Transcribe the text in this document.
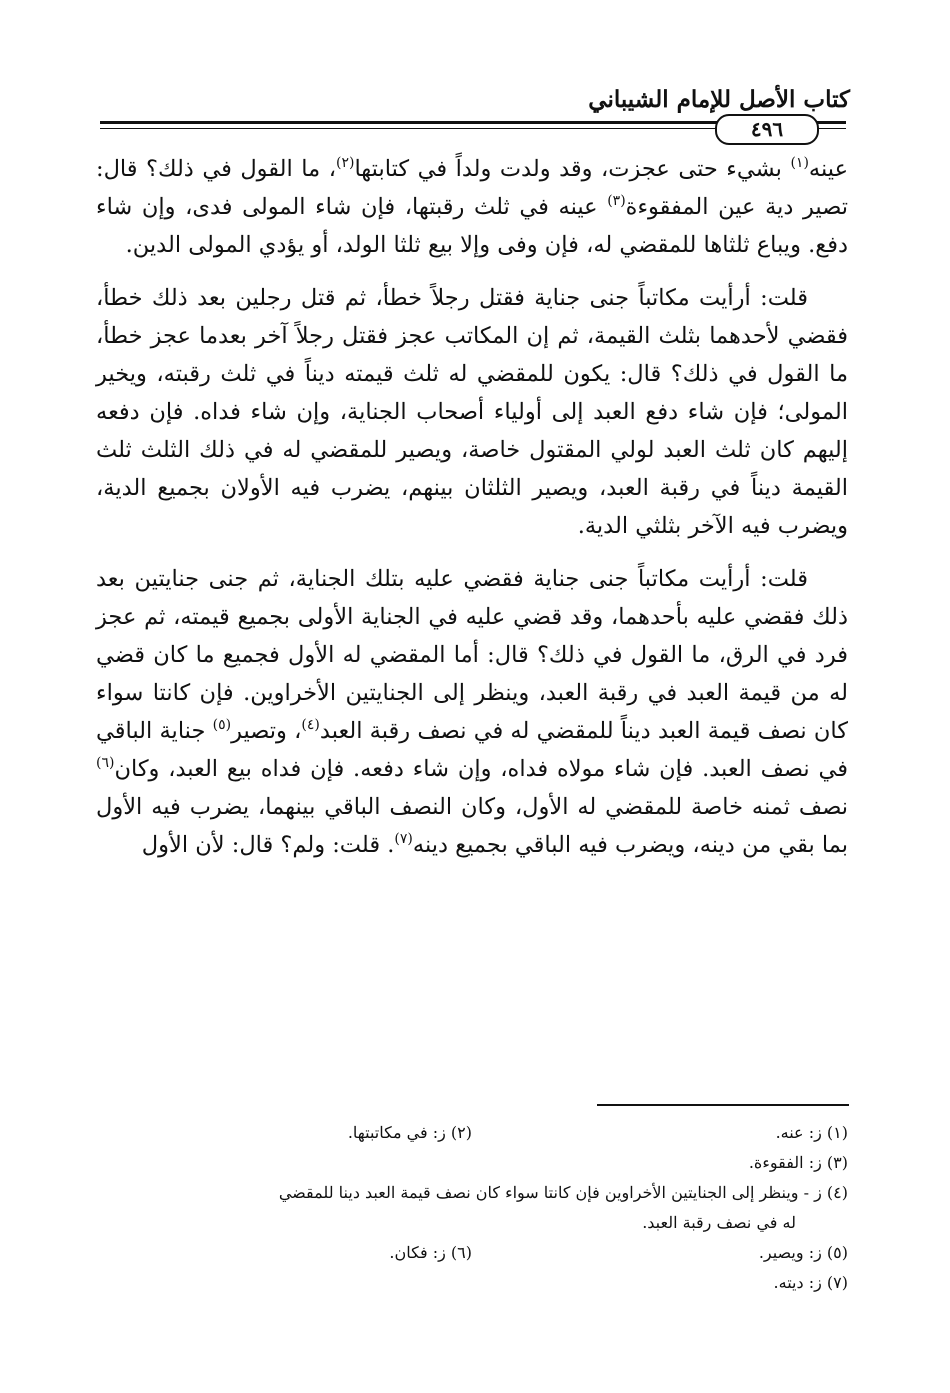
كتاب الأصل للإمام الشيباني
٤٩٦

عينه$^{(١)}$ بشيء حتى عجزت، وقد ولدت ولداً في كتابتها$^{(٢)}$، ما القول في ذلك؟ قال: تصير دية عين المفقوءة$^{(٣)}$ عينه في ثلث رقبتها، فإن شاء المولى فدى، وإن شاء دفع. ويباع ثلثاها للمقضي له، فإن وفى وإلا بيع ثلثا الولد، أو يؤدي المولى الدين.

قلت: أرأيت مكاتباً جنى جناية فقتل رجلاً خطأ، ثم قتل رجلين بعد ذلك خطأ، فقضي لأحدهما بثلث القيمة، ثم إن المكاتب عجز فقتل رجلاً آخر بعدما عجز خطأ، ما القول في ذلك؟ قال: يكون للمقضي له ثلث قيمته ديناً في ثلث رقبته، ويخير المولى؛ فإن شاء دفع العبد إلى أولياء أصحاب الجناية، وإن شاء فداه. فإن دفعه إليهم كان ثلث العبد لولي المقتول خاصة، ويصير للمقضي له في ذلك الثلث ثلث القيمة ديناً في رقبة العبد، ويصير الثلثان بينهم، يضرب فيه الأولان بجميع الدية، ويضرب فيه الآخر بثلثي الدية.

قلت: أرأيت مكاتباً جنى جناية فقضي عليه بتلك الجناية، ثم جنى جنايتين بعد ذلك فقضي عليه بأحدهما، وقد قضي عليه في الجناية الأولى بجميع قيمته، ثم عجز فرد في الرق، ما القول في ذلك؟ قال: أما المقضي له الأول فجميع ما كان قضي له من قيمة العبد في رقبة العبد، وينظر إلى الجنايتين الأخراوين. فإن كانتا سواء كان نصف قيمة العبد ديناً للمقضي له في نصف رقبة العبد$^{(٤)}$، وتصير$^{(٥)}$ جناية الباقي في نصف العبد. فإن شاء مولاه فداه، وإن شاء دفعه. فإن فداه بيع العبد، وكان$^{(٦)}$ نصف ثمنه خاصة للمقضي له الأول، وكان النصف الباقي بينهما، يضرب فيه الأول بما بقي من دينه، ويضرب فيه الباقي بجميع دينه$^{(٧)}$. قلت: ولم؟ قال: لأن الأول

(١) ز: عنه.
(٢) ز: في مكاتبتها.
(٣) ز: الفقوءة.
(٤) ز - وينظر إلى الجنايتين الأخراوين فإن كانتا سواء كان نصف قيمة العبد دينا للمقضي
له في نصف رقبة العبد.
(٥) ز: ويصير.
(٦) ز: فكان.
(٧) ز: ديته.
